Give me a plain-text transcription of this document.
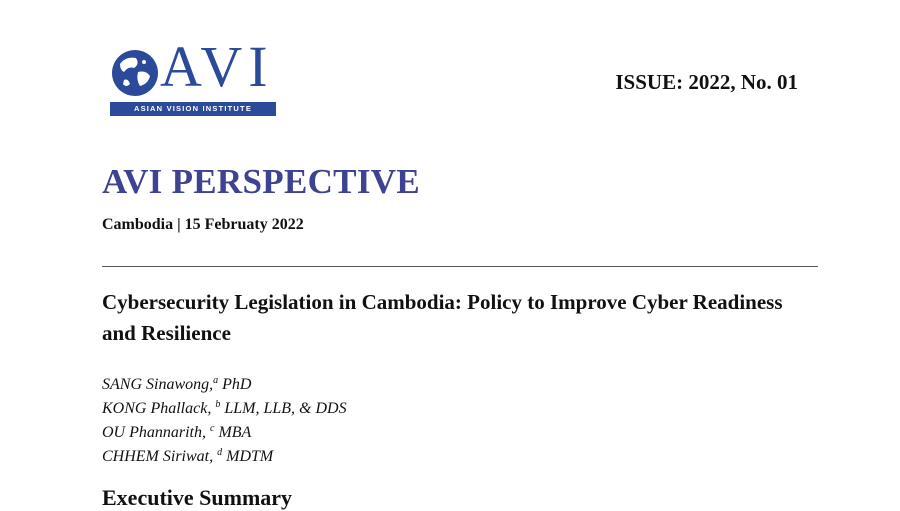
AVI
ASIAN VISION INSTITUTE
ISSUE: 2022, No. 01
AVI PERSPECTIVE
Cambodia | 15 Februaty 2022
Cybersecurity Legislation in Cambodia: Policy to Improve Cyber Readiness and Resilience
SANG Sinawong,$^a$ PhD
KONG Phallack, $^b$ LLM, LLB, & DDS
OU Phannarith, $^c$ MBA
CHHEM Siriwat, $^d$ MDTM
Executive Summary
